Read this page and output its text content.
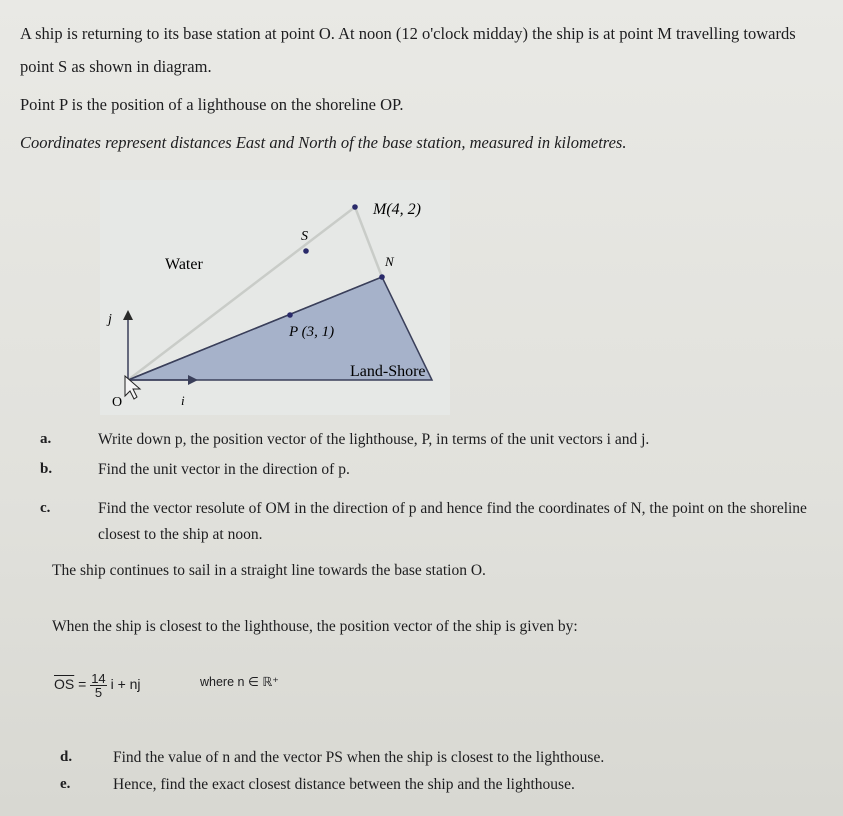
A ship is returning to its base station at point O. At noon (12 o'clock midday) the ship is at point M travelling towards
point S as shown in diagram.
Point P is the position of a lighthouse on the shoreline OP.
Coordinates represent distances East and North of the base station, measured in kilometres.
M(4, 2)
S
Water	N
P (3, 1)
Land-Shore
j
O	i
a.	Write down p, the position vector of the lighthouse, P, in terms of the unit vectors i and j.
b.	Find the unit vector in the direction of p.
c.	Find the vector resolute of OM in the direction of p and hence find the coordinates of N, the point on the shoreline
closest to the ship at noon.
The ship continues to sail in a straight line towards the base station O.
When the ship is closest to the lighthouse, the position vector of the ship is given by:
$\overline{OS} = \frac{14}{5}$ i + nj	where n ∈ ℝ⁺
d.	Find the value of n and the vector PS when the ship is closest to the lighthouse.
e.	Hence, find the exact closest distance between the ship and the lighthouse.
